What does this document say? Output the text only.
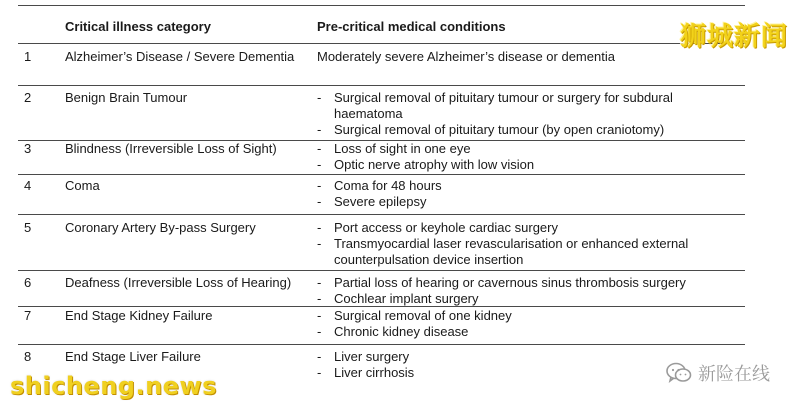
Critical illness category	Pre-critical medical conditions
1	Alzheimer’s Disease / Severe Dementia	Moderately severe Alzheimer’s disease or dementia
2	Benign Brain Tumour	- Surgical removal of pituitary tumour or surgery for subdural haematoma
- Surgical removal of pituitary tumour (by open craniotomy)
3	Blindness (Irreversible Loss of Sight)	- Loss of sight in one eye
- Optic nerve atrophy with low vision
4	Coma	- Coma for 48 hours
- Severe epilepsy
5	Coronary Artery By-pass Surgery	- Port access or keyhole cardiac surgery
- Transmyocardial laser revascularisation or enhanced external counterpulsation device insertion
6	Deafness (Irreversible Loss of Hearing)	- Partial loss of hearing or cavernous sinus thrombosis surgery
- Cochlear implant surgery
7	End Stage Kidney Failure	- Surgical removal of one kidney
- Chronic kidney disease
8	End Stage Liver Failure	- Liver surgery
- Liver cirrhosis
狮城新闻
shicheng.news	新险在线
